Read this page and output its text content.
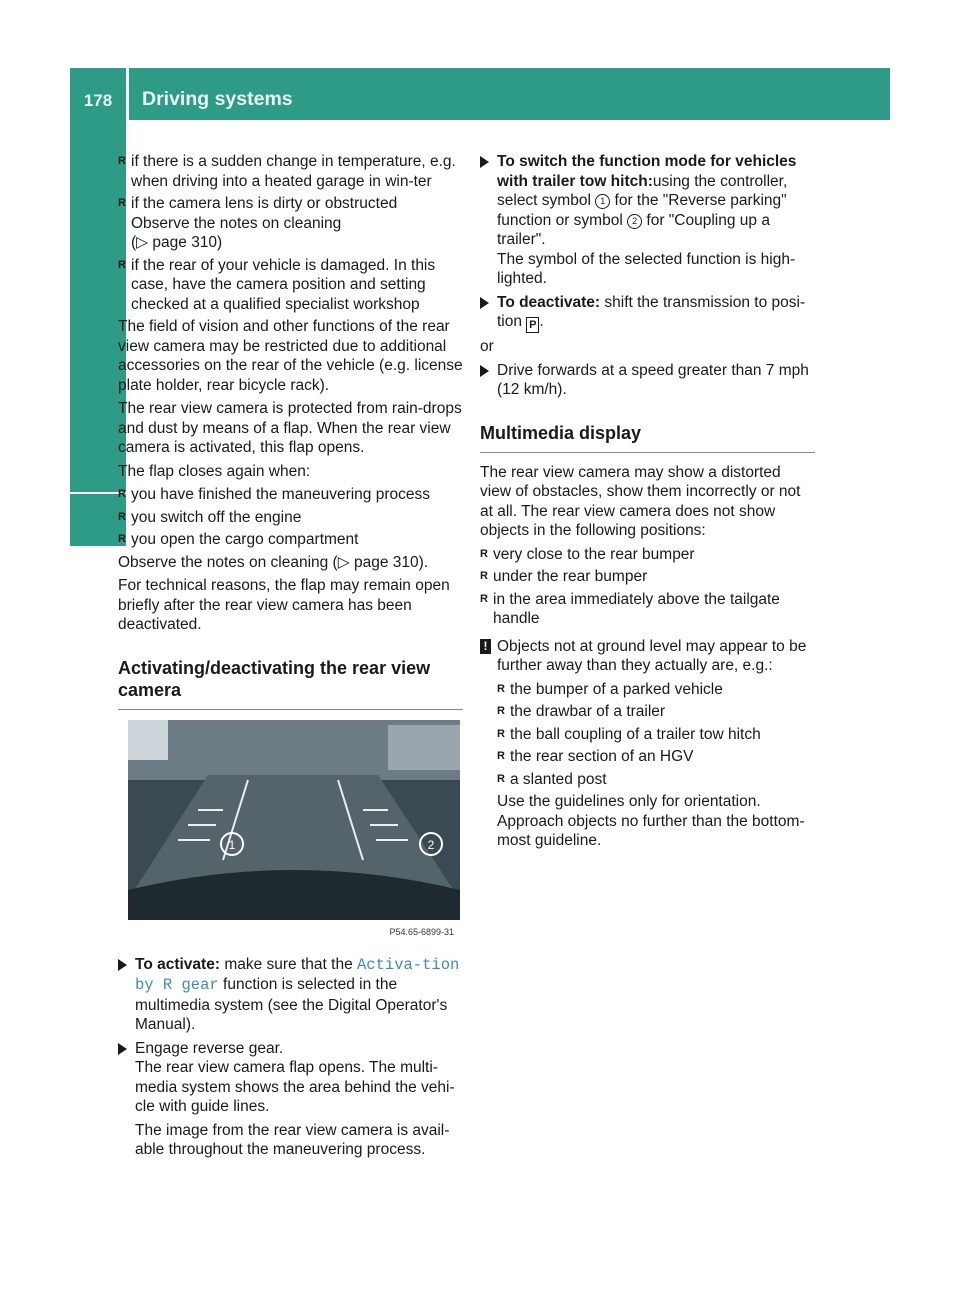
178	Driving systems
Driving and parking
R if there is a sudden change in temperature, e.g. when driving into a heated garage in win-ter
R if the camera lens is dirty or obstructed
Observe the notes on cleaning
(▷ page 310)
R if the rear of your vehicle is damaged. In this case, have the camera position and setting checked at a qualified specialist workshop

The field of vision and other functions of the rear view camera may be restricted due to additional accessories on the rear of the vehicle (e.g. license plate holder, rear bicycle rack).

The rear view camera is protected from rain-drops and dust by means of a flap. When the rear view camera is activated, this flap opens.

The flap closes again when:

R you have finished the maneuvering process
R you switch off the engine
R you open the cargo compartment

Observe the notes on cleaning (▷ page 310).

For technical reasons, the flap may remain open briefly after the rear view camera has been deactivated.

Activating/deactivating the rear view camera
1	2
P54.65-6899-31
To activate: make sure that the Activa-tion by R gear function is selected in the multimedia system (see the Digital Operator's Manual).
Engage reverse gear.
The rear view camera flap opens. The multi-media system shows the area behind the vehi-cle with guide lines.

The image from the rear view camera is avail-able throughout the maneuvering process.

To switch the function mode for vehicles with trailer tow hitch:using the controller, select symbol 1 for the "Reverse parking" function or symbol 2 for "Coupling up a trailer".
The symbol of the selected function is high-lighted.
To deactivate: shift the transmission to posi-tion P .

or

Drive forwards at a speed greater than 7 mph (12 km/h).
Multimedia display

The rear view camera may show a distorted view of obstacles, show them incorrectly or not at all. The rear view camera does not show objects in the following positions:

R very close to the rear bumper
R under the rear bumper
R in the area immediately above the tailgate handle
! Objects not at ground level may appear to be further away than they actually are, e.g.:
R the bumper of a parked vehicle
R the drawbar of a trailer
R the ball coupling of a trailer tow hitch
R the rear section of an HGV
R a slanted post

Use the guidelines only for orientation. Approach objects no further than the bottom-most guideline.
